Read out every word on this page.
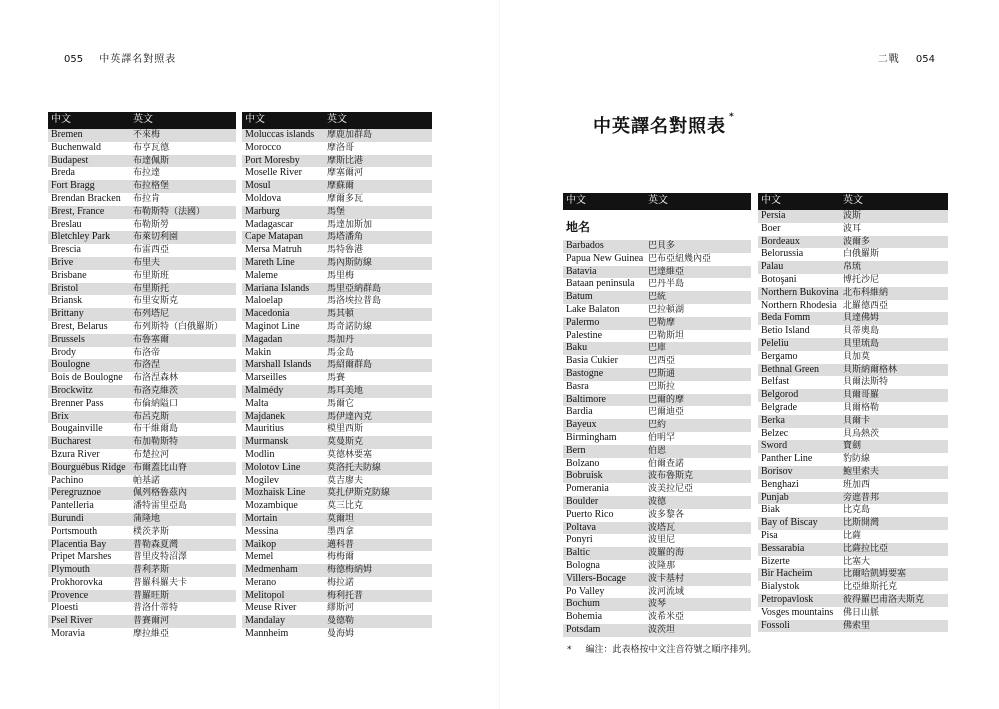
055 中英譯名對照表	二戰 054
中英譯名對照表 *
中文	英文
Bremen	不來梅
Buchenwald	布亨瓦德
Budapest	布達佩斯
Breda	布拉達
Fort Bragg	布拉格堡
Brendan Bracken	布拉肯
Brest, France	布勒斯特（法國）
Breslau	布勒斯勞
Bletchley Park	布萊切利園
Brescia	布雷西亞
Brive	布里夫
Brisbane	布里斯班
Bristol	布里斯托
Briansk	布里安斯克
Brittany	布列塔尼
Brest, Belarus	布列斯特（白俄羅斯）
Brussels	布魯塞爾
Brody	布洛帝
Boulogne	布洛涅
Bois de Boulogne	布洛涅森林
Brockwitz	布洛克維茨
Brenner Pass	布倫納隘口
Brix	布呂克斯
Bougainville	布干維爾島
Bucharest	布加勒斯特
Bzura River	布楚拉河
Bourguébus Ridge	布爾蓋比山脊
Pachino	帕基諾
Peregruznoe	佩列格魯茲內
Pantelleria	潘特雷里亞島
Burundi	蒲隆地
Portsmouth	樸茨茅斯
Placentia Bay	普勒森夏灣
Pripet Marshes	普里皮特沼澤
Plymouth	普利茅斯
Prokhorovka	普羅科羅夫卡
Provence	普羅旺斯
Ploesti	普洛什蒂特
Psel River	普賽爾河
Moravia	摩拉維亞
中文	英文
Moluccas islands	摩鹿加群島
Morocco	摩洛哥
Port Moresby	摩斯比港
Moselle River	摩塞爾河
Mosul	摩蘇爾
Moldova	摩爾多瓦
Marburg	馬堡
Madagascar	馬達加斯加
Cape Matapan	馬塔潘角
Mersa Matruh	馬特魯港
Mareth Line	馬內斯防線
Maleme	馬里梅
Mariana Islands	馬里亞納群島
Maloelap	馬洛埃拉普島
Macedonia	馬其頓
Maginot Line	馬奇諾防線
Magadan	馬加丹
Makin	馬金島
Marshall Islands	馬紹爾群島
Marseilles	馬賽
Malmédy	馬耳美地
Malta	馬爾它
Majdanek	馬伊達內克
Mauritius	模里西斯
Murmansk	莫曼斯克
Modlin	莫德林要塞
Molotov Line	莫洛托夫防線
Mogilev	莫吉廖夫
Mozhaisk Line	莫扎伊斯克防線
Mozambique	莫三比克
Mortain	莫爾坦
Messina	墨西拿
Maikop	邁科普
Memel	梅梅爾
Medmenham	梅德梅納姆
Merano	梅拉諾
Melitopol	梅利托普
Meuse River	繆斯河
Mandalay	曼德勒
Mannheim	曼海姆
中文	英文
地名	
Barbados	巴貝多
Papua New Guinea	巴布亞紐幾內亞
Batavia	巴達維亞
Bataan peninsula	巴丹半島
Batum	巴統
Lake Balaton	巴拉頓湖
Palermo	巴勒摩
Palestine	巴勒斯坦
Baku	巴庫
Basia Cukier	巴西亞
Bastogne	巴斯通
Basra	巴斯拉
Baltimore	巴爾的摩
Bardia	巴爾迪亞
Bayeux	巴約
Birmingham	伯明罕
Bern	伯恩
Bolzano	伯爾查諾
Bobruisk	波布魯斯克
Pomerania	波美拉尼亞
Boulder	波德
Puerto Rico	波多黎各
Poltava	波塔瓦
Ponyri	波里尼
Baltic	波羅的海
Bologna	波隆那
Villers-Bocage	波卡基村
Po Valley	波河流域
Bochum	波琴
Bohemia	波希米亞
Potsdam	波茨坦
中文	英文
Persia	波斯
Boer	波耳
Bordeaux	波爾多
Belorussia	白俄羅斯
Palau	帛琉
Botoşani	博托沙尼
Northern Bukovina	北布科維納
Northern Rhodesia	北羅德西亞
Beda Fomm	貝達佛姆
Betio Island	貝蒂奧島
Peleliu	貝里琉島
Bergamo	貝加莫
Bethnal Green	貝斯納爾格林
Belfast	貝爾法斯特
Belgorod	貝爾哥羅
Belgrade	貝爾格勒
Berka	貝爾卡
Belzec	貝烏熱茨
Sword	寶劍
Panther Line	豹防線
Borisov	鮑里索夫
Benghazi	班加西
Punjab	旁遮普邦
Biak	比克島
Bay of Biscay	比斯開灣
Pisa	比薩
Bessarabia	比薩拉比亞
Bizerte	比塞大
Bir Hacheim	比爾哈凱姆要塞
Bialystok	比亞維斯托克
Petropavlosk	彼得羅巴甫洛夫斯克
Vosges mountains	佛日山脈
Fossoli	佛索里
* 編注：此表格按中文注音符號之順序排列。
